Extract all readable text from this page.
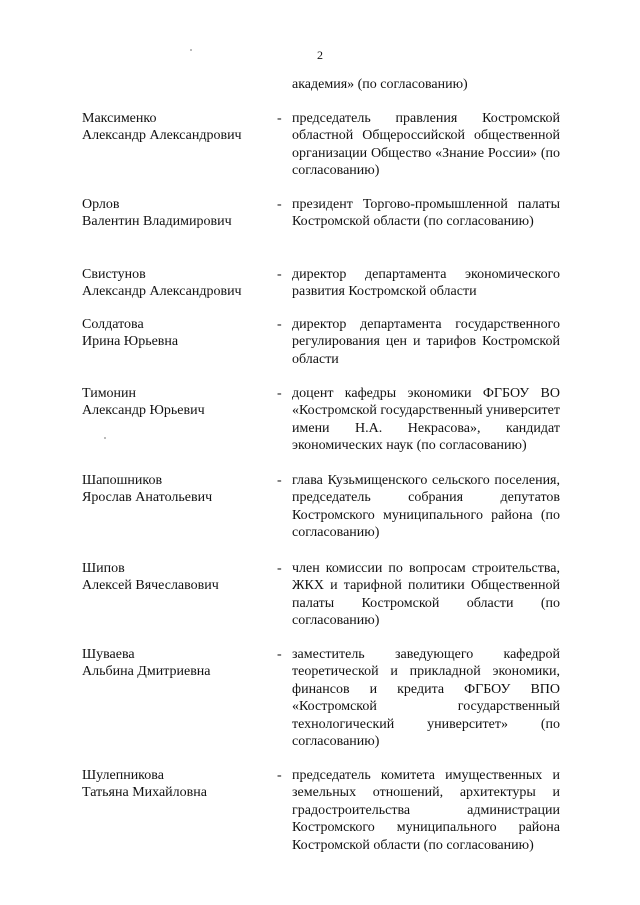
2
академия» (по согласованию)
Максименко
Александр Александрович
- председатель правления Костромской областной Общероссийской общественной организации Общество «Знание России» (по согласованию)
Орлов
Валентин Владимирович
- президент Торгово-промышленной палаты Костромской области (по согласованию)
Свистунов
Александр Александрович
- директор департамента экономического развития Костромской области
Солдатова
Ирина Юрьевна
- директор департамента государственного регулирования цен и тарифов Костромской области
Тимонин
Александр Юрьевич
- доцент кафедры экономики ФГБОУ ВО «Костромской государственный университет имени Н.А. Некрасова», кандидат экономических наук (по согласованию)
Шапошников
Ярослав Анатольевич
- глава Кузьмищенского сельского поселения, председатель собрания депутатов Костромского муниципального района (по согласованию)
Шипов
Алексей Вячеславович
- член комиссии по вопросам строительства, ЖКХ и тарифной политики Общественной палаты Костромской области (по согласованию)
Шуваева
Альбина Дмитриевна
- заместитель заведующего кафедрой теоретической и прикладной экономики, финансов и кредита ФГБОУ ВПО «Костромской государственный технологический университет» (по согласованию)
Шулепникова
Татьяна Михайловна
- председатель комитета имущественных и земельных отношений, архитектуры и градостроительства администрации Костромского муниципального района Костромской области (по согласованию)
